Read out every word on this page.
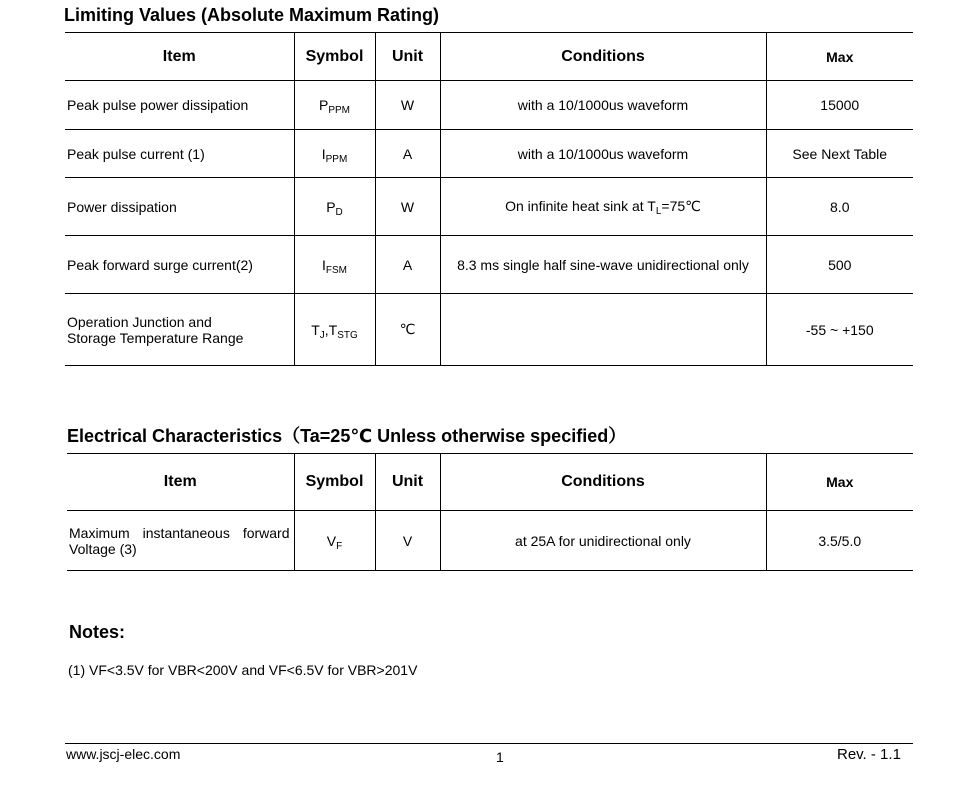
Limiting Values (Absolute Maximum Rating)
Item	Symbol	Unit	Conditions	Max
Peak pulse power dissipation	$P_{PPM}$	W	with a 10/1000us waveform	15000
Peak pulse current (1)	$I_{PPM}$	A	with a 10/1000us waveform	See Next Table
Power dissipation	$P_D$	W	On infinite heat sink at $T_L=75℃$	8.0
Peak forward surge current(2)	$I_{FSM}$	A	8.3 ms single half sine-wave unidirectional only	500

Operation Junction and
Storage Temperature Range	$T_J,T_{STG}$	℃		-55 ~ +150
Electrical Characteristics（Ta=25℃ Unless otherwise specified）
Item	Symbol	Unit	Conditions	Max
Maximum instantaneous forward Voltage (3)	$V_F$	V	at 25A for unidirectional only	3.5/5.0
Notes:
(1) VF<3.5V for VBR<200V and VF<6.5V for VBR>201V
www.jscj-elec.com	1	Rev. - 1.1
